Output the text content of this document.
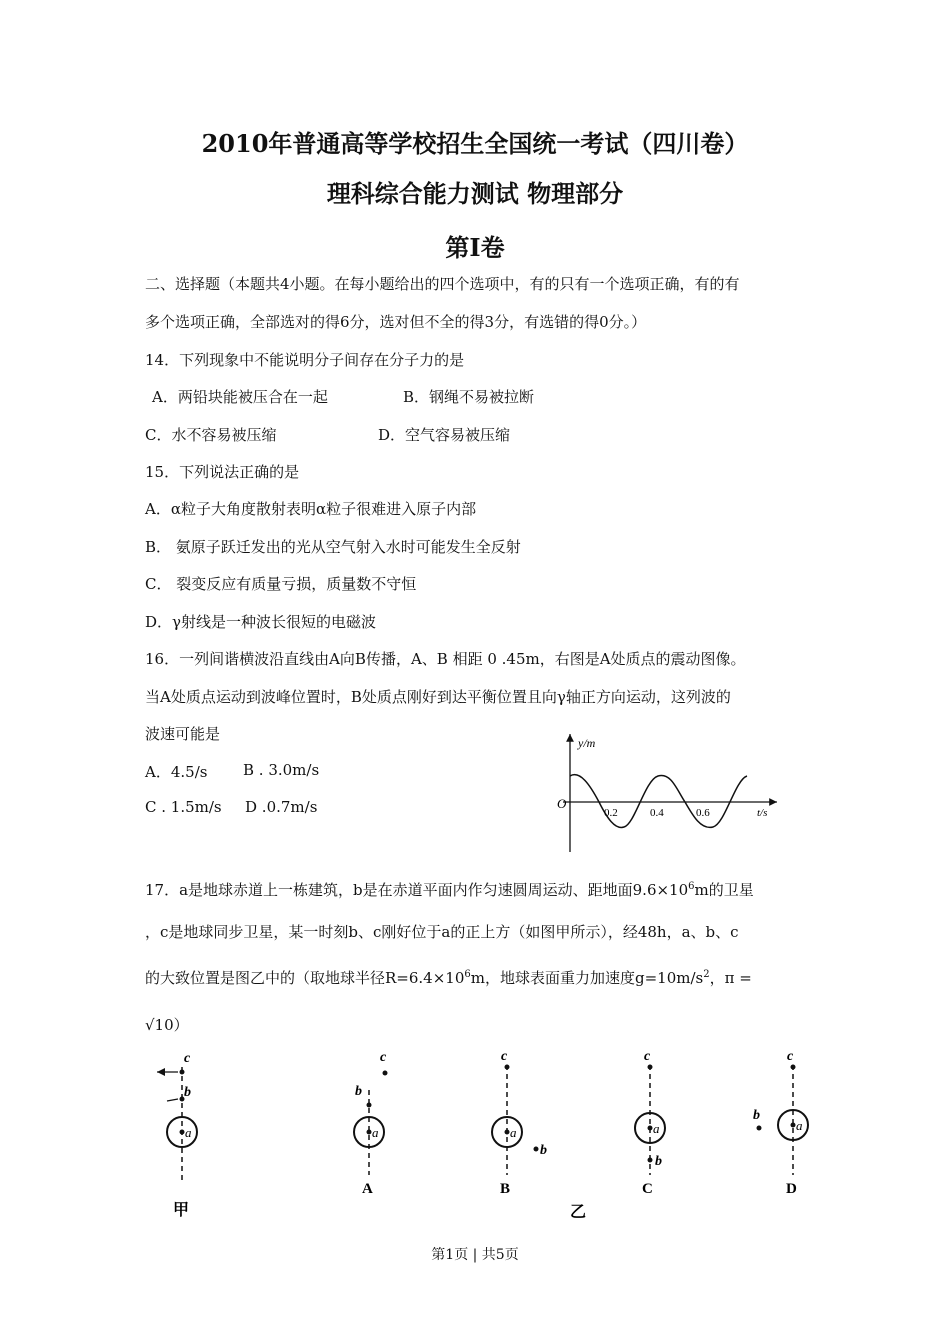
2010年普通高等学校招生全国统一考试（四川卷）
理科综合能力测试 物理部分
第I卷
二、选择题（本题共4小题。在每小题给出的四个选项中，有的只有一个选项正确，有的有
多个选项正确，全部选对的得6分，选对但不全的得3分，有选错的得0分。）
14．下列现象中不能说明分子间存在分子力的是
A．两铅块能被压合在一起	B．钢绳不易被拉断
C．水不容易被压缩	D．空气容易被压缩
15．下列说法正确的是
A．α粒子大角度散射表明α粒子很难进入原子内部
B． 氨原子跃迁发出的光从空气射入水时可能发生全反射
C． 裂变反应有质量亏损，质量数不守恒
D．γ射线是一种波长很短的电磁波
16．一列间谐横波沿直线由A向B传播，A、B 相距 0 .45m，右图是A处质点的震动图像。
当A处质点运动到波峰位置时，B处质点刚好到达平衡位置且向γ轴正方向运动，这列波的
波速可能是
A．4.5/s B . 3.0m/s
C . 1.5m/s D .0.7m/s
y/m
t/s
O
0.2	0.4	0.6
17．a是地球赤道上一栋建筑，b是在赤道平面内作匀速圆周运动、距地面$9.6\times 10^6m$的卫星
，c是地球同步卫星，某一时刻b、c刚好位于a的正上方（如图甲所示），经48h，a、b、c
的大致位置是图乙中的（取地球半径$R=6.4\times 10^6m$，地球表面重力加速度$g=10m/s^2$，π =
√10）
c
b
a
甲
c
b
a
A
c
b
a
B
c
b
a
C
c
b
a
D
乙
第1页 | 共5页
